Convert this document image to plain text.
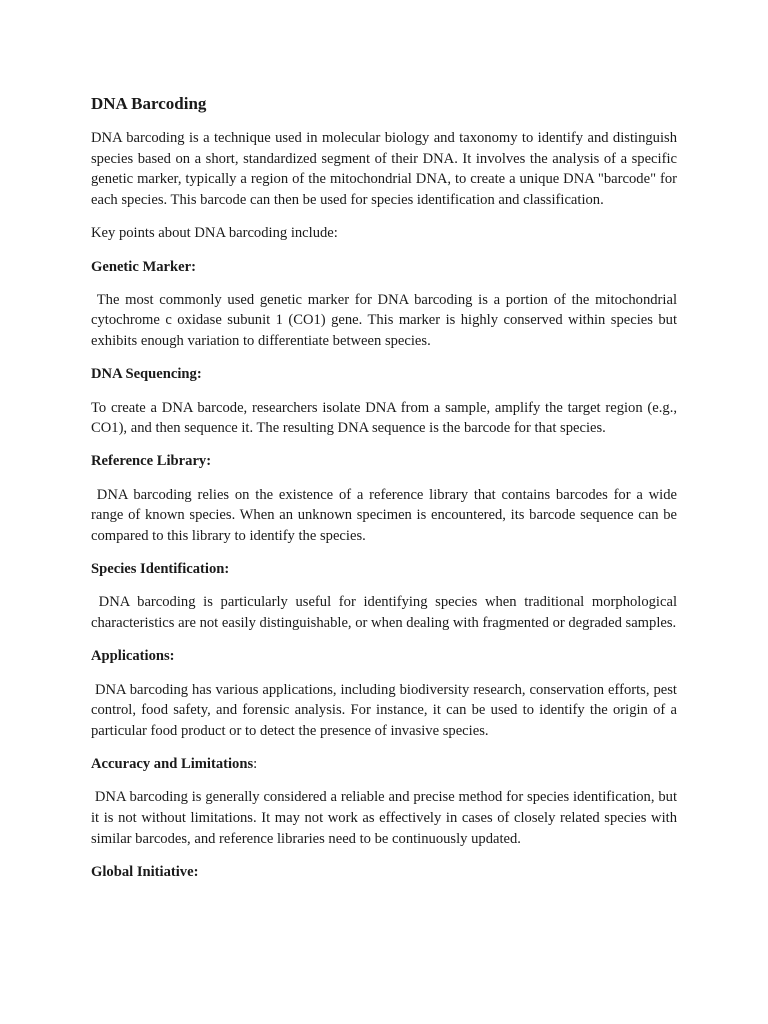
DNA Barcoding

DNA barcoding is a technique used in molecular biology and taxonomy to identify and distinguish species based on a short, standardized segment of their DNA. It involves the analysis of a specific genetic marker, typically a region of the mitochondrial DNA, to create a unique DNA "barcode" for each species. This barcode can then be used for species identification and classification.

Key points about DNA barcoding include:

Genetic Marker:

The most commonly used genetic marker for DNA barcoding is a portion of the mitochondrial cytochrome c oxidase subunit 1 (CO1) gene. This marker is highly conserved within species but exhibits enough variation to differentiate between species.

DNA Sequencing:

To create a DNA barcode, researchers isolate DNA from a sample, amplify the target region (e.g., CO1), and then sequence it. The resulting DNA sequence is the barcode for that species.

Reference Library:

DNA barcoding relies on the existence of a reference library that contains barcodes for a wide range of known species. When an unknown specimen is encountered, its barcode sequence can be compared to this library to identify the species.

Species Identification:

DNA barcoding is particularly useful for identifying species when traditional morphological characteristics are not easily distinguishable, or when dealing with fragmented or degraded samples.

Applications:

DNA barcoding has various applications, including biodiversity research, conservation efforts, pest control, food safety, and forensic analysis. For instance, it can be used to identify the origin of a particular food product or to detect the presence of invasive species.

Accuracy and Limitations:

DNA barcoding is generally considered a reliable and precise method for species identification, but it is not without limitations. It may not work as effectively in cases of closely related species with similar barcodes, and reference libraries need to be continuously updated.

Global Initiative:
